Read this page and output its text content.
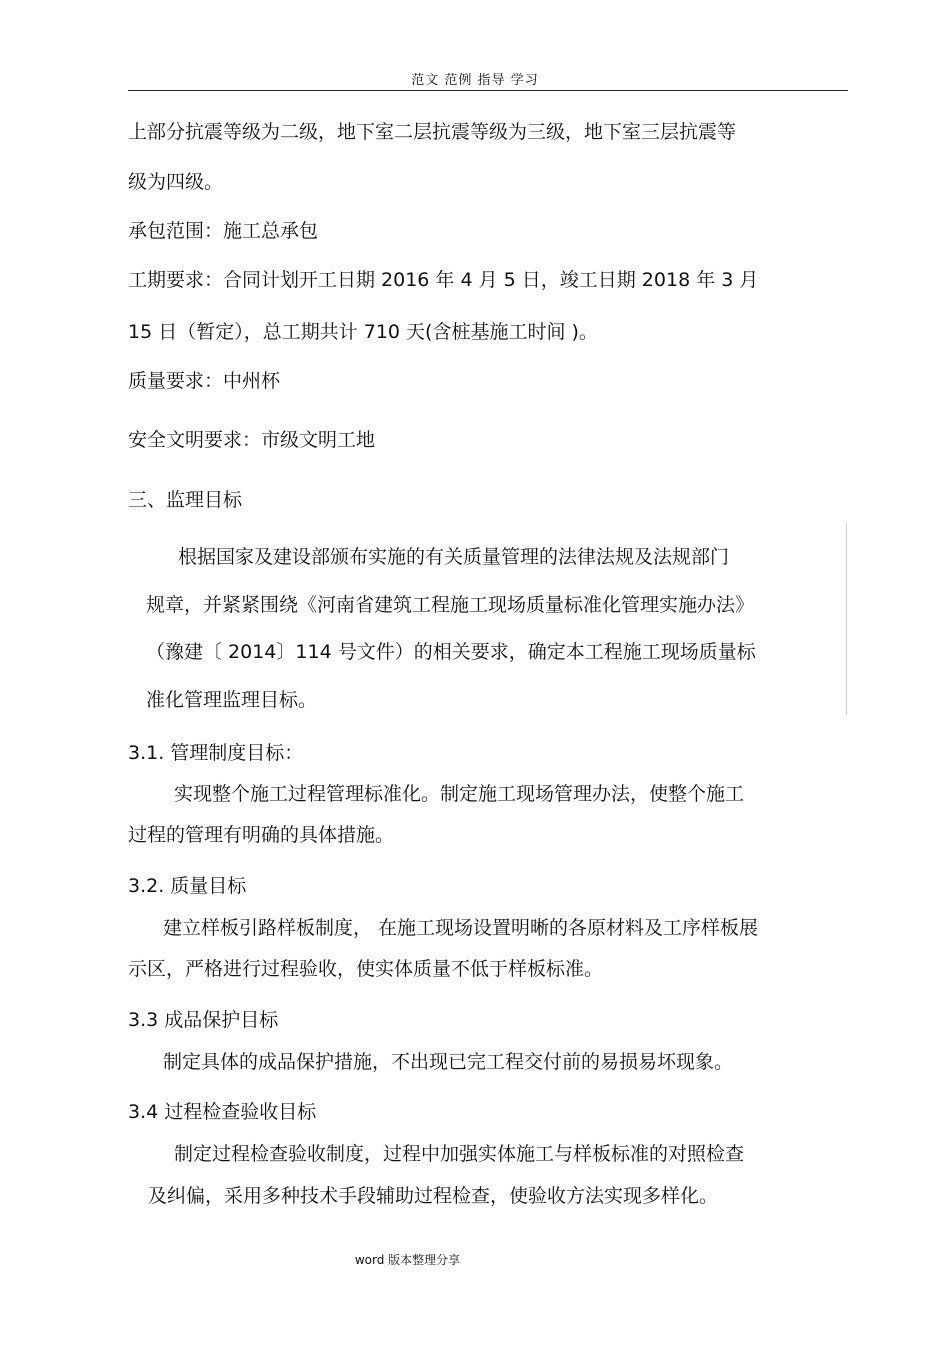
范文 范例 指导 学习
上部分抗震等级为二级，地下室二层抗震等级为三级，地下室三层抗震等
级为四级。
承包范围：施工总承包
工期要求：合同计划开工日期 2016 年 4 月 5 日，竣工日期 2018 年 3 月
15 日（暂定），总工期共计 710 天(含桩基施工时间 )。
质量要求：中州杯
安全文明要求：市级文明工地
三、监理目标
根据国家及建设部颁布实施的有关质量管理的法律法规及法规部门
规章，并紧紧围绕《河南省建筑工程施工现场质量标准化管理实施办法》
（豫建〔 2014〕114 号文件）的相关要求，确定本工程施工现场质量标
准化管理监理目标。
3.1. 管理制度目标：
实现整个施工过程管理标准化。制定施工现场管理办法，使整个施工
过程的管理有明确的具体措施。
3.2. 质量目标
建立样板引路样板制度， 在施工现场设置明晰的各原材料及工序样板展
示区，严格进行过程验收，使实体质量不低于样板标准。
3.3 成品保护目标
制定具体的成品保护措施，不出现已完工程交付前的易损易坏现象。
3.4 过程检查验收目标
制定过程检查验收制度，过程中加强实体施工与样板标准的对照检查
及纠偏，采用多种技术手段辅助过程检查，使验收方法实现多样化。
word 版本整理分享
